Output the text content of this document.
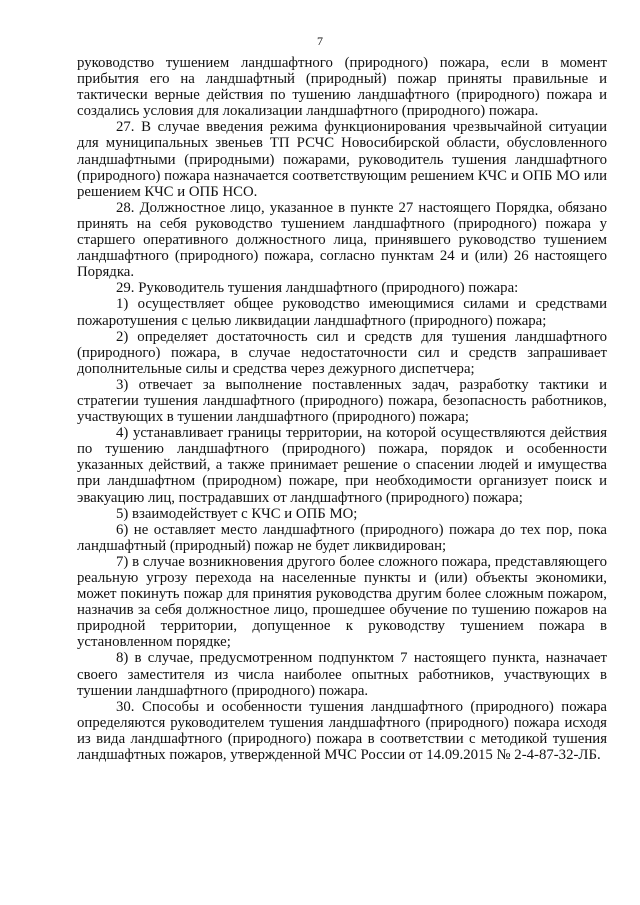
7

руководство тушением ландшафтного (природного) пожара, если в момент прибытия его на ландшафтный (природный) пожар приняты правильные и тактически верные действия по тушению ландшафтного (природного) пожара и создались условия для локализации ландшафтного (природного) пожара.

27. В случае введения режима функционирования чрезвычайной ситуации для муниципальных звеньев ТП РСЧС Новосибирской области, обусловленного ландшафтными (природными) пожарами, руководитель тушения ландшафтного (природного) пожара назначается соответствующим решением КЧС и ОПБ МО или решением КЧС и ОПБ НСО.

28. Должностное лицо, указанное в пункте 27 настоящего Порядка, обязано принять на себя руководство тушением ландшафтного (природного) пожара у старшего оперативного должностного лица, принявшего руководство тушением ландшафтного (природного) пожара, согласно пунктам 24 и (или) 26 настоящего Порядка.

29. Руководитель тушения ландшафтного (природного) пожара:

1) осуществляет общее руководство имеющимися силами и средствами пожаротушения с целью ликвидации ландшафтного (природного) пожара;

2) определяет достаточность сил и средств для тушения ландшафтного (природного) пожара, в случае недостаточности сил и средств запрашивает дополнительные силы и средства через дежурного диспетчера;

3) отвечает за выполнение поставленных задач, разработку тактики и стратегии тушения ландшафтного (природного) пожара, безопасность работников, участвующих в тушении ландшафтного (природного) пожара;

4) устанавливает границы территории, на которой осуществляются действия по тушению ландшафтного (природного) пожара, порядок и особенности указанных действий, а также принимает решение о спасении людей и имущества при ландшафтном (природном) пожаре, при необходимости организует поиск и эвакуацию лиц, пострадавших от ландшафтного (природного) пожара;

5) взаимодействует с КЧС и ОПБ МО;

6) не оставляет место ландшафтного (природного) пожара до тех пор, пока ландшафтный (природный) пожар не будет ликвидирован;

7) в случае возникновения другого более сложного пожара, представляющего реальную угрозу перехода на населенные пункты и (или) объекты экономики, может покинуть пожар для принятия руководства другим более сложным пожаром, назначив за себя должностное лицо, прошедшее обучение по тушению пожаров на природной территории, допущенное к руководству тушением пожара в установленном порядке;

8) в случае, предусмотренном подпунктом 7 настоящего пункта, назначает своего заместителя из числа наиболее опытных работников, участвующих в тушении ландшафтного (природного) пожара.

30. Способы и особенности тушения ландшафтного (природного) пожара определяются руководителем тушения ландшафтного (природного) пожара исходя из вида ландшафтного (природного) пожара в соответствии с методикой тушения ландшафтных пожаров, утвержденной МЧС России от 14.09.2015 № 2-4-87-32-ЛБ.
